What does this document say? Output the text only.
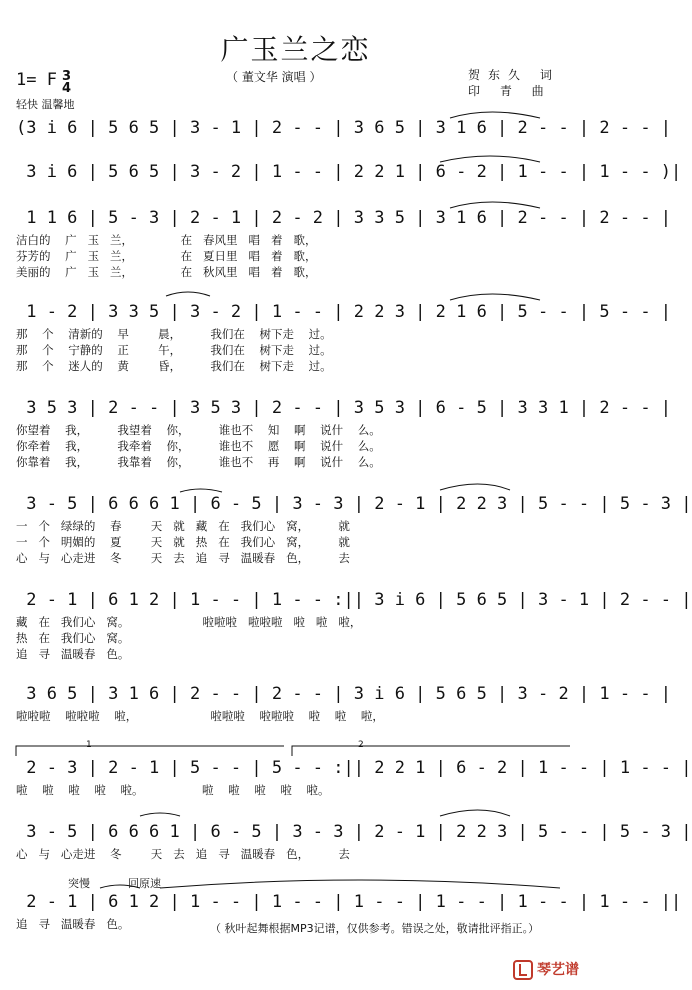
广玉兰之恋
（ 董文华 演唱 ）
1= F 3
4
轻快 温馨地
贺东久 词
印 青 曲
(3 i 6 | 5 6 5 | 3 - 1 | 2 - - | 3 6 5 | 3 1 6 | 2 - - | 2 - - |
3 i 6 | 5 6 5 | 3 - 2 | 1 - - | 2 2 1 | 6 - 2 | 1 - - | 1 - - )|
1 1 6 | 5 - 3 | 2 - 1 | 2 - 2 | 3 3 5 | 3 1 6 | 2 - - | 2 - - |
洁白的    广   玉   兰，             在   春风里   唱   着   歌，
芬芳的    广   玉   兰，             在   夏日里   唱   着   歌，
美丽的    广   玉   兰，             在   秋风里   唱   着   歌，
1 - 2 | 3 3 5 | 3 - 2 | 1 - - | 2 2 3 | 2 1 6 | 5 - - | 5 - - |
那    个    清新的    早        晨，        我们在    树下走    过。
那    个    宁静的    正        午，        我们在    树下走    过。
那    个    迷人的    黄        昏，        我们在    树下走    过。
3 5 3 | 2 - - | 3 5 3 | 2 - - | 3 5 3 | 6 - 5 | 3 3 1 | 2 - - |
你望着    我，        我望着    你，        谁也不    知    啊    说什    么。
你牵着    我，        我牵着    你，        谁也不    愿    啊    说什    么。
你靠着    我，        我靠着    你，        谁也不    再    啊    说什    么。
3 - 5 | 6 6 6 1 | 6 - 5 | 3 - 3 | 2 - 1 | 2 2 3 | 5 - - | 5 - 3 |
一   个   绿绿的    春        天   就   藏   在   我们心   窝，        就
一   个   明媚的    夏        天   就   热   在   我们心   窝，        就
心   与   心走进    冬        天   去   追   寻   温暖春   色，        去
2 - 1 | 6 1 2 | 1 - - | 1 - - :|| 3 i 6 | 5 6 5 | 3 - 1 | 2 - - |
藏   在   我们心   窝。                    啦啦啦   啦啦啦   啦   啦   啦，
热   在   我们心   窝。
追   寻   温暖春   色。
3 6 5 | 3 1 6 | 2 - - | 2 - - | 3 i 6 | 5 6 5 | 3 - 2 | 1 - - |
啦啦啦    啦啦啦    啦，                    啦啦啦    啦啦啦    啦    啦    啦，
2 - 3 | 2 - 1 | 5 - - | 5 - - :|| 2 2 1 | 6 - 2 | 1 - - | 1 - - |
啦    啦    啦    啦    啦。                啦    啦    啦    啦    啦。
1	2
3 - 5 | 6 6 6 1 | 6 - 5 | 3 - 3 | 2 - 1 | 2 2 3 | 5 - - | 5 - 3 |
心   与   心走进    冬        天   去   追   寻   温暖春   色，        去
突慢	回原速
2 - 1 | 6 1 2 | 1 - - | 1 - - | 1 - - | 1 - - | 1 - - | 1 - - ||
追   寻   温暖春   色。	（ 秋叶起舞根据MP3记谱，仅供参考。错误之处，敬请批评指正。）
琴艺谱
